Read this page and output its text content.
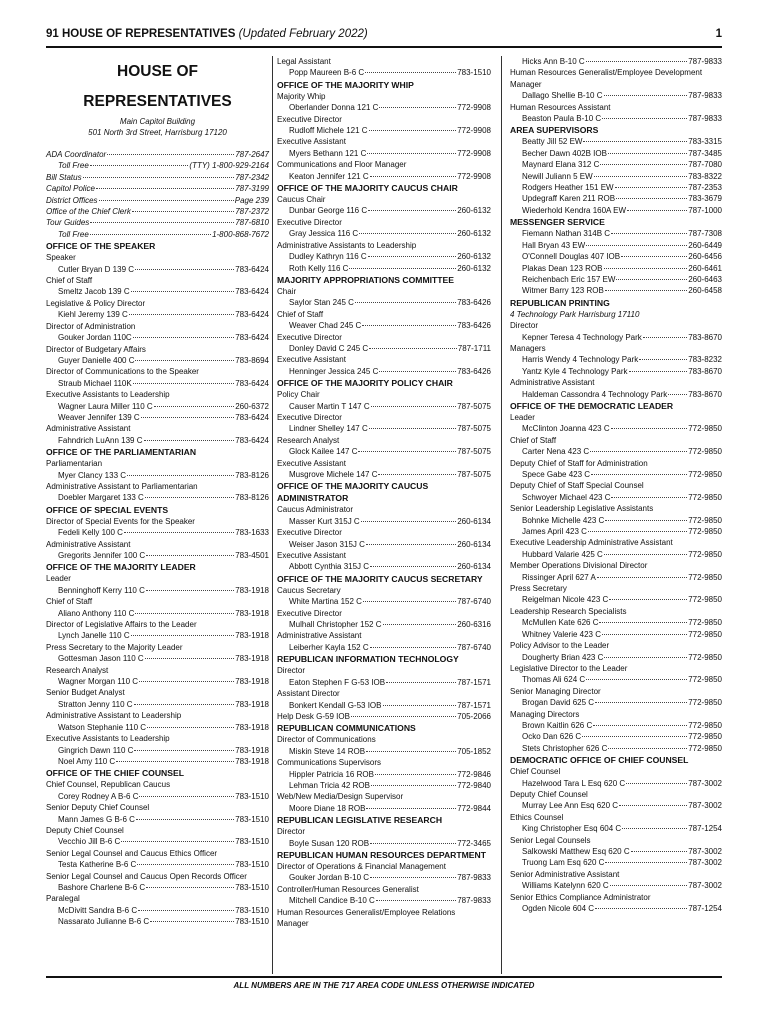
91 HOUSE OF REPRESENTATIVES (Updated February 2022)	1
HOUSE OF
REPRESENTATIVES
Main Capitol Building
501 North 3rd Street, Harrisburg 17120
ADA Coordinator	787-2647
Toll Free	(TTY) 1-800-929-2164
Bill Status	787-2342
Capitol Police	787-3199
District Offices	Page 239
Office of the Chief Clerk	787-2372
Tour Guides	787-6810
Toll Free	1-800-868-7672
OFFICE OF THE SPEAKER
Speaker
Cutler Bryan D 139 C	783-6424
Chief of Staff
Smeltz Jacob 139 C	783-6424
Legislative & Policy Director
Kiehl Jeremy 139 C	783-6424
Director of Administration
Gouker Jordan 110C	783-6424
Director of Budgetary Affairs
Guyer Danielle 400 C	783-8694
Director of Communications to the Speaker
Straub Michael 110K	783-6424
Executive Assistants to Leadership
Wagner Laura Miller 110 C	260-6372
Weaver Jennifer 139 C	783-6424
Administrative Assistant
Fahndrich LuAnn 139 C	783-6424
OFFICE OF THE PARLIAMENTARIAN
Parliamentarian
Myer Clancy 133 C	783-8126
Administrative Assistant to Parliamentarian
Doebler Margaret 133 C	783-8126
OFFICE OF SPECIAL EVENTS
Director of Special Events for the Speaker
Fedeli Kelly 100 C	783-1633
Administrative Assistant
Gregorits Jennifer 100 C	783-4501
OFFICE OF THE MAJORITY LEADER
Leader
Benninghoff Kerry 110 C	783-1918
Chief of Staff
Aliano Anthony 110 C	783-1918
Director of Legislative Affairs to the Leader
Lynch Janelle 110 C	783-1918
Press Secretary to the Majority Leader
Gottesman Jason 110 C	783-1918
Research Analyst
Wagner Morgan 110 C	783-1918
Senior Budget Analyst
Stratton Jenny 110 C	783-1918
Administrative Assistant to Leadership
Watson Stephanie 110 C	783-1918
Executive Assistants to Leadership
Gingrich Dawn 110 C	783-1918
Noel Amy 110 C	783-1918
OFFICE OF THE CHIEF COUNSEL
Chief Counsel, Republican Caucus
Corey Rodney A B-6 C	783-1510
Senior Deputy Chief Counsel
Mann James G B-6 C	783-1510
Deputy Chief Counsel
Vecchio Jill B-6 C	783-1510
Senior Legal Counsel and Caucus Ethics Officer
Testa Katherine B-6 C	783-1510
Senior Legal Counsel and Caucus Open Records Officer
Bashore Charlene B-6 C	783-1510
Paralegal
McDivitt Sandra B-6 C	783-1510
Nassarato Julianne B-6 C	783-1510
Legal Assistant
Popp Maureen B-6 C	783-1510
OFFICE OF THE MAJORITY WHIP
Majority Whip
Oberlander Donna 121 C	772-9908
Executive Director
Rudloff Michele 121 C	772-9908
Executive Assistant
Myers Bethann 121 C	772-9908
Communications and Floor Manager
Keaton Jennifer 121 C	772-9908
OFFICE OF THE MAJORITY CAUCUS CHAIR
Caucus Chair
Dunbar George 116 C	260-6132
Executive Director
Gray Jessica 116 C	260-6132
Administrative Assistants to Leadership
Dudley Kathryn 116 C	260-6132
Roth Kelly 116 C	260-6132
MAJORITY APPROPRIATIONS COMMITTEE
Chair
Saylor Stan 245 C	783-6426
Chief of Staff
Weaver Chad 245 C	783-6426
Executive Director
Donley David C 245 C	787-1711
Executive Assistant
Henninger Jessica 245 C	783-6426
OFFICE OF THE MAJORITY POLICY CHAIR
Policy Chair
Causer Martin T 147 C	787-5075
Executive Director
Lindner Shelley 147 C	787-5075
Research Analyst
Glock Kailee 147 C	787-5075
Executive Assistant
Musgrove Michele 147 C	787-5075
OFFICE OF THE MAJORITY CAUCUS
ADMINISTRATOR
Caucus Administrator
Masser Kurt 315J C	260-6134
Executive Director
Weiser Jason 315J C	260-6134
Executive Assistant
Abbott Cynthia 315J C	260-6134
OFFICE OF THE MAJORITY CAUCUS SECRETARY
Caucus Secretary
White Martina 152 C	787-6740
Executive Director
Mulhall Christopher 152 C	260-6316
Administrative Assistant
Leiberher Kayla 152 C	787-6740
REPUBLICAN INFORMATION TECHNOLOGY
Director
Eaton Stephen F G-53 IOB	787-1571
Assistant Director
Bonkert Kendall G-53 IOB	787-1571
Help Desk G-59 IOB	705-2066
REPUBLICAN COMMUNICATIONS
Director of Communications
Miskin Steve 14 ROB	705-1852
Communications Supervisors
Hippler Patricia 16 ROB	772-9846
Lehman Tricia 42 ROB	772-9840
Web/New Media/Design Supervisor
Moore Diane 18 ROB	772-9844
REPUBLICAN LEGISLATIVE RESEARCH
Director
Boyle Susan 120 ROB	772-3465
REPUBLICAN HUMAN RESOURCES DEPARTMENT
Director of Operations & Financial Management
Gouker Jordan B-10 C	787-9833
Controller/Human Resources Generalist
Mitchell Candice B-10 C	787-9833
Human Resources Generalist/Employee Relations
Manager
Hicks Ann B-10 C	787-9833
Human Resources Generalist/Employee Development
Manager
Dallago Shellie B-10 C	787-9833
Human Resources Assistant
Beaston Paula B-10 C	787-9833
AREA SUPERVISORS
Beatty Jill 52 EW	783-3315
Becher Dawn 402B IOB	787-3485
Maynard Elana 312 C	787-7080
Newill Juliann 5 EW	783-8322
Rodgers Heather 151 EW	787-2353
Updegraff Karen 211 ROB	783-3679
Wiederhold Kendra 160A EW	787-1000
MESSENGER SERVICE
Fiemann Nathan 314B C	787-7308
Hall Bryan 43 EW	260-6449
O'Connell Douglas 407 IOB	260-6456
Plakas Dean 123 ROB	260-6461
Reichenbach Eric 157 EW	260-6463
Witmer Barry 123 ROB	260-6458
REPUBLICAN PRINTING
4 Technology Park Harrisburg 17110
Director
Kepner Teresa 4 Technology Park	783-8670
Managers
Harris Wendy 4 Technology Park	783-8232
Yantz Kyle 4 Technology Park	783-8670
Administrative Assistant
Haldeman Cassondra 4 Technology Park	783-8670
OFFICE OF THE DEMOCRATIC LEADER
Leader
McClinton Joanna 423 C	772-9850
Chief of Staff
Carter Nena 423 C	772-9850
Deputy Chief of Staff for Administration
Spece Gabe 423 C	772-9850
Deputy Chief of Staff Special Counsel
Schwoyer Michael 423 C	772-9850
Senior Leadership Legislative Assistants
Bohnke Michelle 423 C	772-9850
James April 423 C	772-9850
Executive Leadership Administrative Assistant
Hubbard Valarie 425 C	772-9850
Member Operations Divisional Director
Rissinger April 627 A	772-9850
Press Secretary
Reigelman Nicole 423 C	772-9850
Leadership Research Specialists
McMullen Kate 626 C	772-9850
Whitney Valerie 423 C	772-9850
Policy Advisor to the Leader
Dougherty Brian 423 C	772-9850
Legislative Director to the Leader
Thomas Ali 624 C	772-9850
Senior Managing Director
Brogan David 625 C	772-9850
Managing Directors
Brown Kaitlin 626 C	772-9850
Ocko Dan 626 C	772-9850
Stets Christopher 626 C	772-9850
DEMOCRATIC OFFICE OF CHIEF COUNSEL
Chief Counsel
Hazelwood Tara L Esq 620 C	787-3002
Deputy Chief Counsel
Murray Lee Ann Esq 620 C	787-3002
Ethics Counsel
King Christopher Esq 604 C	787-1254
Senior Legal Counsels
Salkowski Matthew Esq 620 C	787-3002
Truong Lam Esq 620 C	787-3002
Senior Administrative Assistant
Williams Katelynn 620 C	787-3002
Senior Ethics Compliance Administrator
Ogden Nicole 604 C	787-1254
ALL NUMBERS ARE IN THE 717 AREA CODE UNLESS OTHERWISE INDICATED
